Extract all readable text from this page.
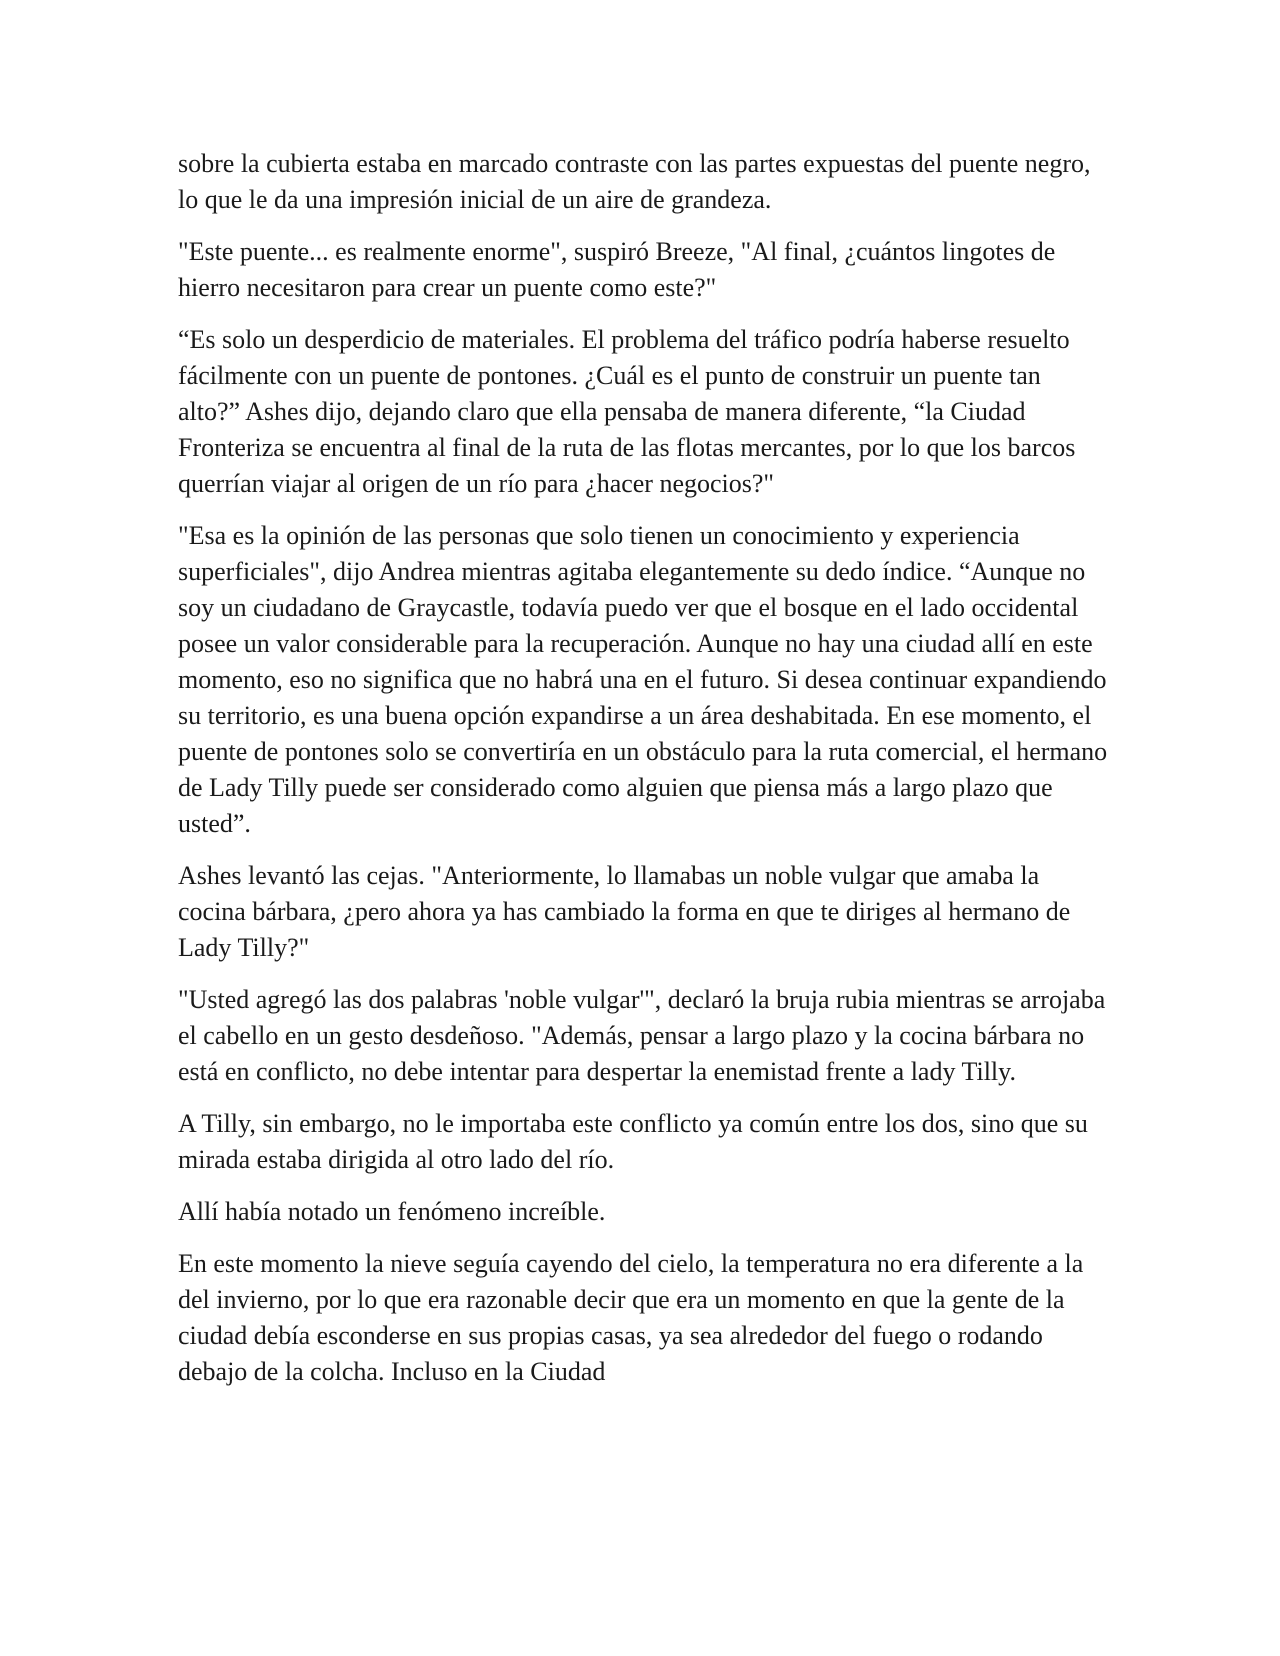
sobre la cubierta estaba en marcado contraste con las partes expuestas del puente negro, lo que le da una impresión inicial de un aire de grandeza.

"Este puente... es realmente enorme", suspiró Breeze, "Al final, ¿cuántos lingotes de hierro necesitaron para crear un puente como este?"

“Es solo un desperdicio de materiales. El problema del tráfico podría haberse resuelto fácilmente con un puente de pontones. ¿Cuál es el punto de construir un puente tan alto?” Ashes dijo, dejando claro que ella pensaba de manera diferente, “la Ciudad Fronteriza se encuentra al final de la ruta de las flotas mercantes, por lo que los barcos querrían viajar al origen de un río para ¿hacer negocios?"

"Esa es la opinión de las personas que solo tienen un conocimiento y experiencia superficiales", dijo Andrea mientras agitaba elegantemente su dedo índice. “Aunque no soy un ciudadano de Graycastle, todavía puedo ver que el bosque en el lado occidental posee un valor considerable para la recuperación. Aunque no hay una ciudad allí en este momento, eso no significa que no habrá una en el futuro. Si desea continuar expandiendo su territorio, es una buena opción expandirse a un área deshabitada. En ese momento, el puente de pontones solo se convertiría en un obstáculo para la ruta comercial, el hermano de Lady Tilly puede ser considerado como alguien que piensa más a largo plazo que usted”.

Ashes levantó las cejas. "Anteriormente, lo llamabas un noble vulgar que amaba la cocina bárbara, ¿pero ahora ya has cambiado la forma en que te diriges al hermano de Lady Tilly?"

"Usted agregó las dos palabras 'noble vulgar'", declaró la bruja rubia mientras se arrojaba el cabello en un gesto desdeñoso. "Además, pensar a largo plazo y la cocina bárbara no está en conflicto, no debe intentar para despertar la enemistad frente a lady Tilly.

A Tilly, sin embargo, no le importaba este conflicto ya común entre los dos, sino que su mirada estaba dirigida al otro lado del río.

Allí había notado un fenómeno increíble.

En este momento la nieve seguía cayendo del cielo, la temperatura no era diferente a la del invierno, por lo que era razonable decir que era un momento en que la gente de la ciudad debía esconderse en sus propias casas, ya sea alrededor del fuego o rodando debajo de la colcha. Incluso en la Ciudad
